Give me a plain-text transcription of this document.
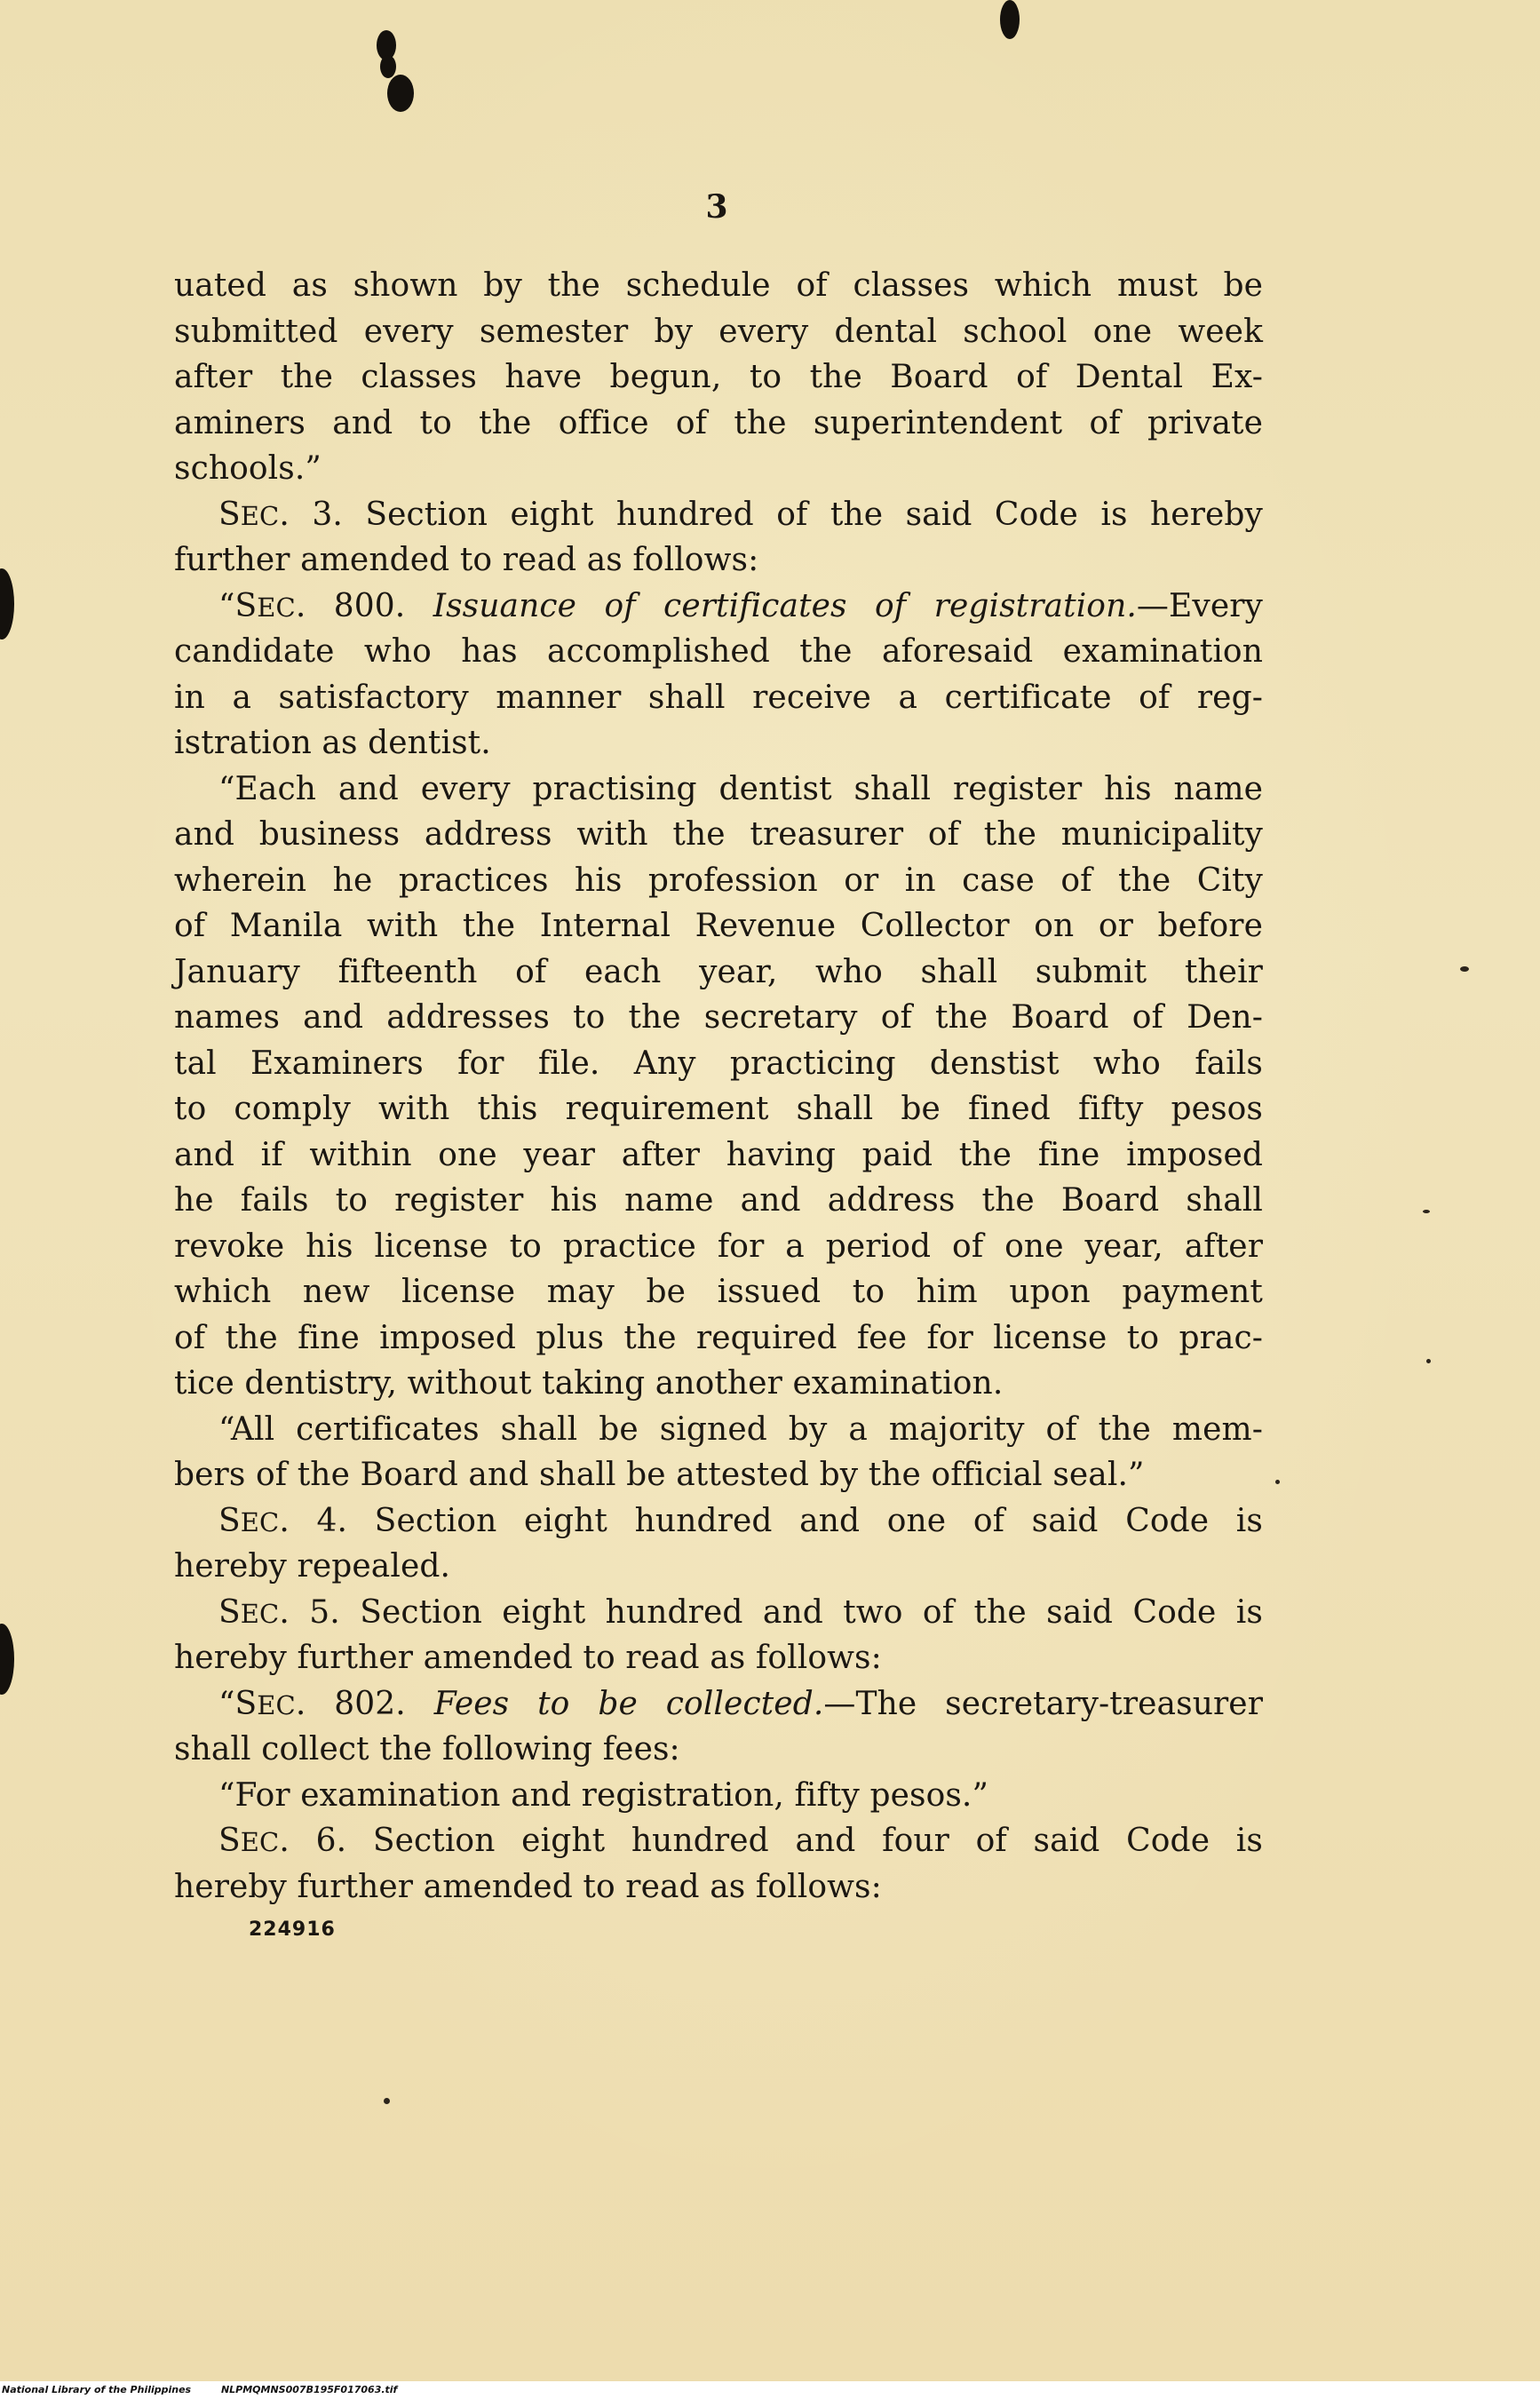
3
uated as shown by the schedule of classes which must be
submitted every semester by every dental school one week
after the classes have begun, to the Board of Dental Ex-
aminers and to the office of the superintendent of private
schools.”
SEC. 3. Section eight hundred of the said Code is hereby
further amended to read as follows:
“SEC. 800. Issuance of certificates of registration.—Every
candidate who has accomplished the aforesaid examination
in a satisfactory manner shall receive a certificate of reg-
istration as dentist.
“Each and every practising dentist shall register his name
and business address with the treasurer of the municipality
wherein he practices his profession or in case of the City
of Manila with the Internal Revenue Collector on or before
January fifteenth of each year, who shall submit their
names and addresses to the secretary of the Board of Den-
tal Examiners for file. Any practicing denstist who fails
to comply with this requirement shall be fined fifty pesos
and if within one year after having paid the fine imposed
he fails to register his name and address the Board shall
revoke his license to practice for a period of one year, after
which new license may be issued to him upon payment
of the fine imposed plus the required fee for license to prac-
tice dentistry, without taking another examination.
“All certificates shall be signed by a majority of the mem-
bers of the Board and shall be attested by the official seal.”
SEC. 4. Section eight hundred and one of said Code is
hereby repealed.
SEC. 5. Section eight hundred and two of the said Code is
hereby further amended to read as follows:
“SEC. 802. Fees to be collected.—The secretary-treasurer
shall collect the following fees:
“For examination and registration, fifty pesos.”
SEC. 6. Section eight hundred and four of said Code is
hereby further amended to read as follows:
224916
National Library of the Philippines	NLPMQMNS007B195F017063.tif
